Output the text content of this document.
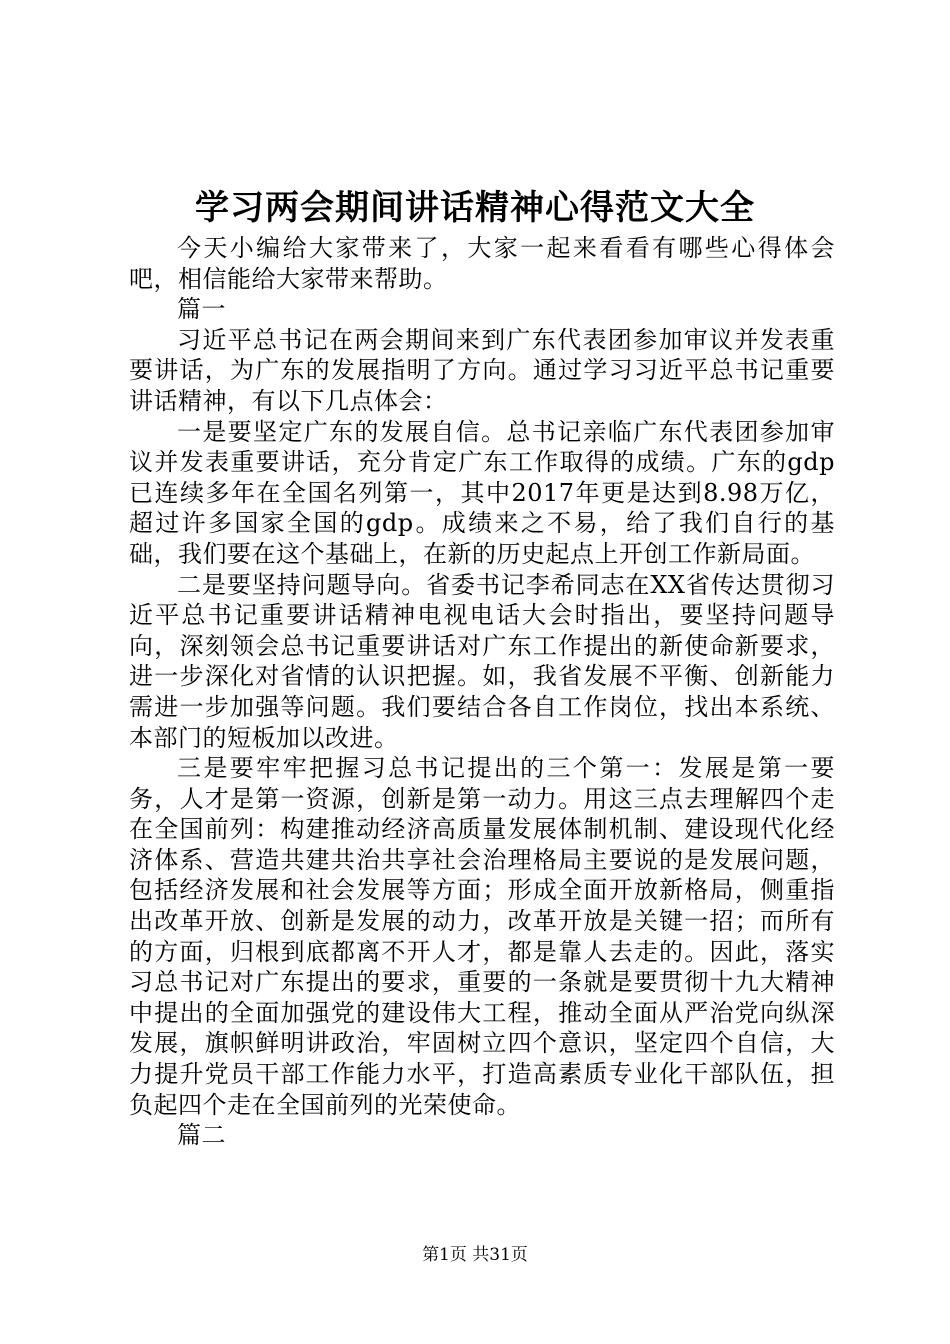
学习两会期间讲话精神心得范文大全

今天小编给大家带来了，大家一起来看看有哪些心得体会吧，相信能给大家带来帮助。

篇一

习近平总书记在两会期间来到广东代表团参加审议并发表重要讲话，为广东的发展指明了方向。通过学习习近平总书记重要讲话精神，有以下几点体会：

一是要坚定广东的发展自信。总书记亲临广东代表团参加审议并发表重要讲话，充分肯定广东工作取得的成绩。广东的gdp已连续多年在全国名列第一，其中2017年更是达到8.98万亿，超过许多国家全国的gdp。成绩来之不易，给了我们自行的基础，我们要在这个基础上，在新的历史起点上开创工作新局面。

二是要坚持问题导向。省委书记李希同志在XX省传达贯彻习近平总书记重要讲话精神电视电话大会时指出，要坚持问题导向，深刻领会总书记重要讲话对广东工作提出的新使命新要求，进一步深化对省情的认识把握。如，我省发展不平衡、创新能力需进一步加强等问题。我们要结合各自工作岗位，找出本系统、本部门的短板加以改进。

三是要牢牢把握习总书记提出的三个第一：发展是第一要务，人才是第一资源，创新是第一动力。用这三点去理解四个走在全国前列：构建推动经济高质量发展体制机制、建设现代化经济体系、营造共建共治共享社会治理格局主要说的是发展问题，包括经济发展和社会发展等方面；形成全面开放新格局，侧重指出改革开放、创新是发展的动力，改革开放是关键一招；而所有的方面，归根到底都离不开人才，都是靠人去走的。因此，落实习总书记对广东提出的要求，重要的一条就是要贯彻十九大精神中提出的全面加强党的建设伟大工程，推动全面从严治党向纵深发展，旗帜鲜明讲政治，牢固树立四个意识，坚定四个自信，大力提升党员干部工作能力水平，打造高素质专业化干部队伍，担负起四个走在全国前列的光荣使命。

篇二

第1页 共31页
